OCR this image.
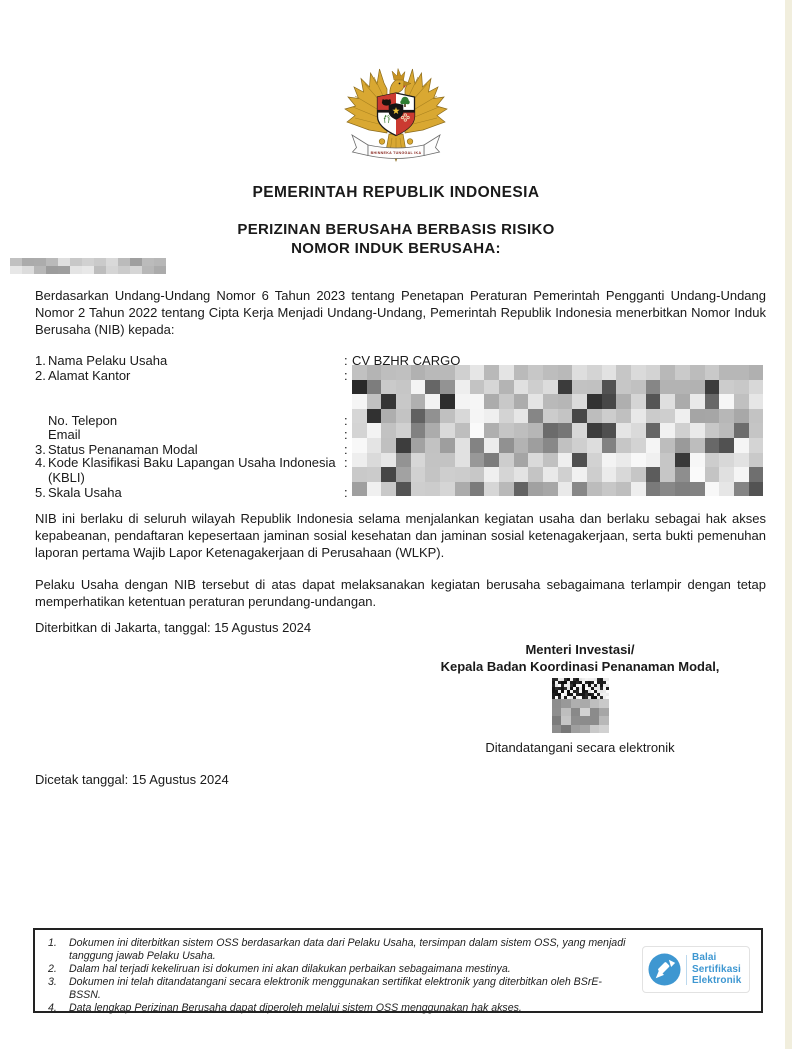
BHINNEKA TUNGGAL IKA
PEMERINTAH REPUBLIK INDONESIA
PERIZINAN BERUSAHA BERBASIS RISIKO
NOMOR INDUK BERUSAHA:
Berdasarkan Undang-Undang Nomor 6 Tahun 2023 tentang Penetapan Peraturan Pemerintah Pengganti Undang-Undang Nomor 2 Tahun 2022 tentang Cipta Kerja Menjadi Undang-Undang, Pemerintah Republik Indonesia menerbitkan Nomor Induk Berusaha (NIB) kepada:
1. Nama Pelaku Usaha	: CV BZHR CARGO
2. Alamat Kantor	:
No. Telepon	:
Email	:
3. Status Penanaman Modal	:
4. Kode Klasifikasi Baku Lapangan Usaha Indonesia :
(KBLI)
5. Skala Usaha	:
NIB ini berlaku di seluruh wilayah Republik Indonesia selama menjalankan kegiatan usaha dan berlaku sebagai hak akses kepabeanan, pendaftaran kepesertaan jaminan sosial kesehatan dan jaminan sosial ketenagakerjaan, serta bukti pemenuhan laporan pertama Wajib Lapor Ketenagakerjaan di Perusahaan (WLKP).
Pelaku Usaha dengan NIB tersebut di atas dapat melaksanakan kegiatan berusaha sebagaimana terlampir dengan tetap memperhatikan ketentuan peraturan perundang-undangan.
Diterbitkan di Jakarta, tanggal: 15 Agustus 2024
Menteri Investasi/
Kepala Badan Koordinasi Penanaman Modal,
Ditandatangani secara elektronik
Dicetak tanggal: 15 Agustus 2024
1.	Dokumen ini diterbitkan sistem OSS berdasarkan data dari Pelaku Usaha, tersimpan dalam sistem OSS, yang menjadi tanggung jawab Pelaku Usaha.
2.	Dalam hal terjadi kekeliruan isi dokumen ini akan dilakukan perbaikan sebagaimana mestinya.
3.	Dokumen ini telah ditandatangani secara elektronik menggunakan sertifikat elektronik yang diterbitkan oleh BSrE-BSSN.
4.	Data lengkap Perizinan Berusaha dapat diperoleh melalui sistem OSS menggunakan hak akses.
Balai
Sertifikasi
Elektronik
